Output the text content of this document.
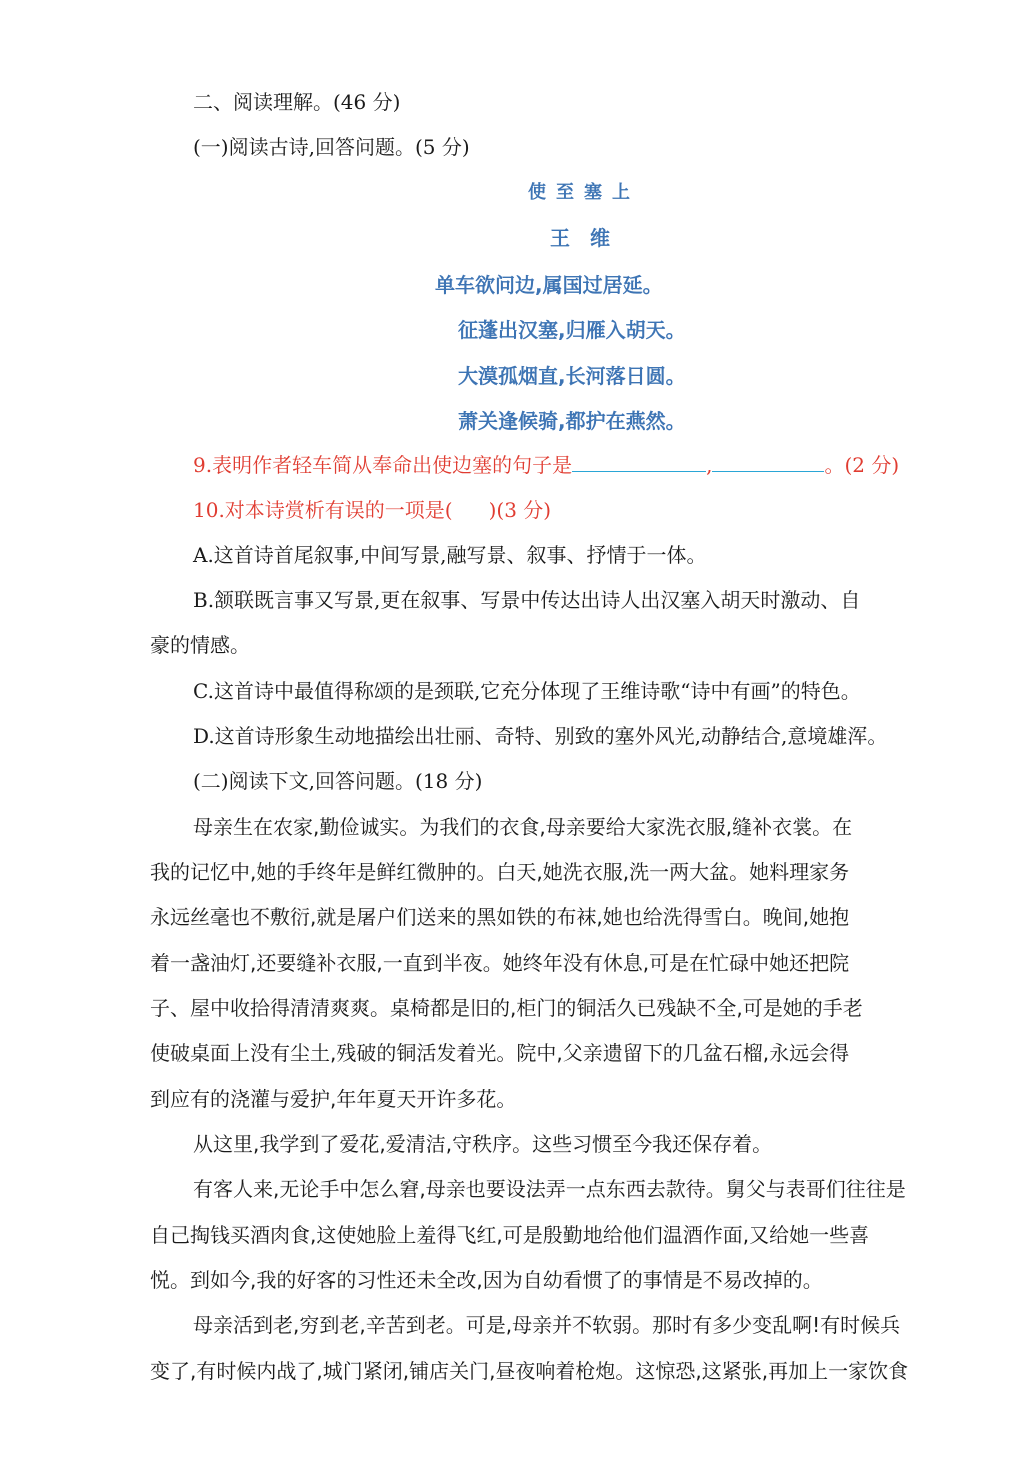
二、阅读理解。(46 分)

(一)阅读古诗,回答问题。(5 分)

使至塞上

王维

单车欲问边,属国过居延。

征蓬出汉塞,归雁入胡天。

大漠孤烟直,长河落日圆。

萧关逢候骑,都护在燕然。

9.表明作者轻车简从奉命出使边塞的句子是	,	。(2 分)

10.对本诗赏析有误的一项是( )(3 分)

A.这首诗首尾叙事,中间写景,融写景、叙事、抒情于一体。

B.颔联既言事又写景,更在叙事、写景中传达出诗人出汉塞入胡天时激动、自

豪的情感。

C.这首诗中最值得称颂的是颈联,它充分体现了王维诗歌“诗中有画”的特色。

D.这首诗形象生动地描绘出壮丽、奇特、别致的塞外风光,动静结合,意境雄浑。

(二)阅读下文,回答问题。(18 分)

母亲生在农家,勤俭诚实。为我们的衣食,母亲要给大家洗衣服,缝补衣裳。在

我的记忆中,她的手终年是鲜红微肿的。白天,她洗衣服,洗一两大盆。她料理家务

永远丝毫也不敷衍,就是屠户们送来的黑如铁的布袜,她也给洗得雪白。晚间,她抱

着一盏油灯,还要缝补衣服,一直到半夜。她终年没有休息,可是在忙碌中她还把院

子、屋中收拾得清清爽爽。桌椅都是旧的,柜门的铜活久已残缺不全,可是她的手老

使破桌面上没有尘土,残破的铜活发着光。院中,父亲遗留下的几盆石榴,永远会得

到应有的浇灌与爱护,年年夏天开许多花。

从这里,我学到了爱花,爱清洁,守秩序。这些习惯至今我还保存着。

有客人来,无论手中怎么窘,母亲也要设法弄一点东西去款待。舅父与表哥们往往是

自己掏钱买酒肉食,这使她脸上羞得飞红,可是殷勤地给他们温酒作面,又给她一些喜

悦。到如今,我的好客的习性还未全改,因为自幼看惯了的事情是不易改掉的。

母亲活到老,穷到老,辛苦到老。可是,母亲并不软弱。那时有多少变乱啊!有时候兵

变了,有时候内战了,城门紧闭,铺店关门,昼夜响着枪炮。这惊恐,这紧张,再加上一家饮食
